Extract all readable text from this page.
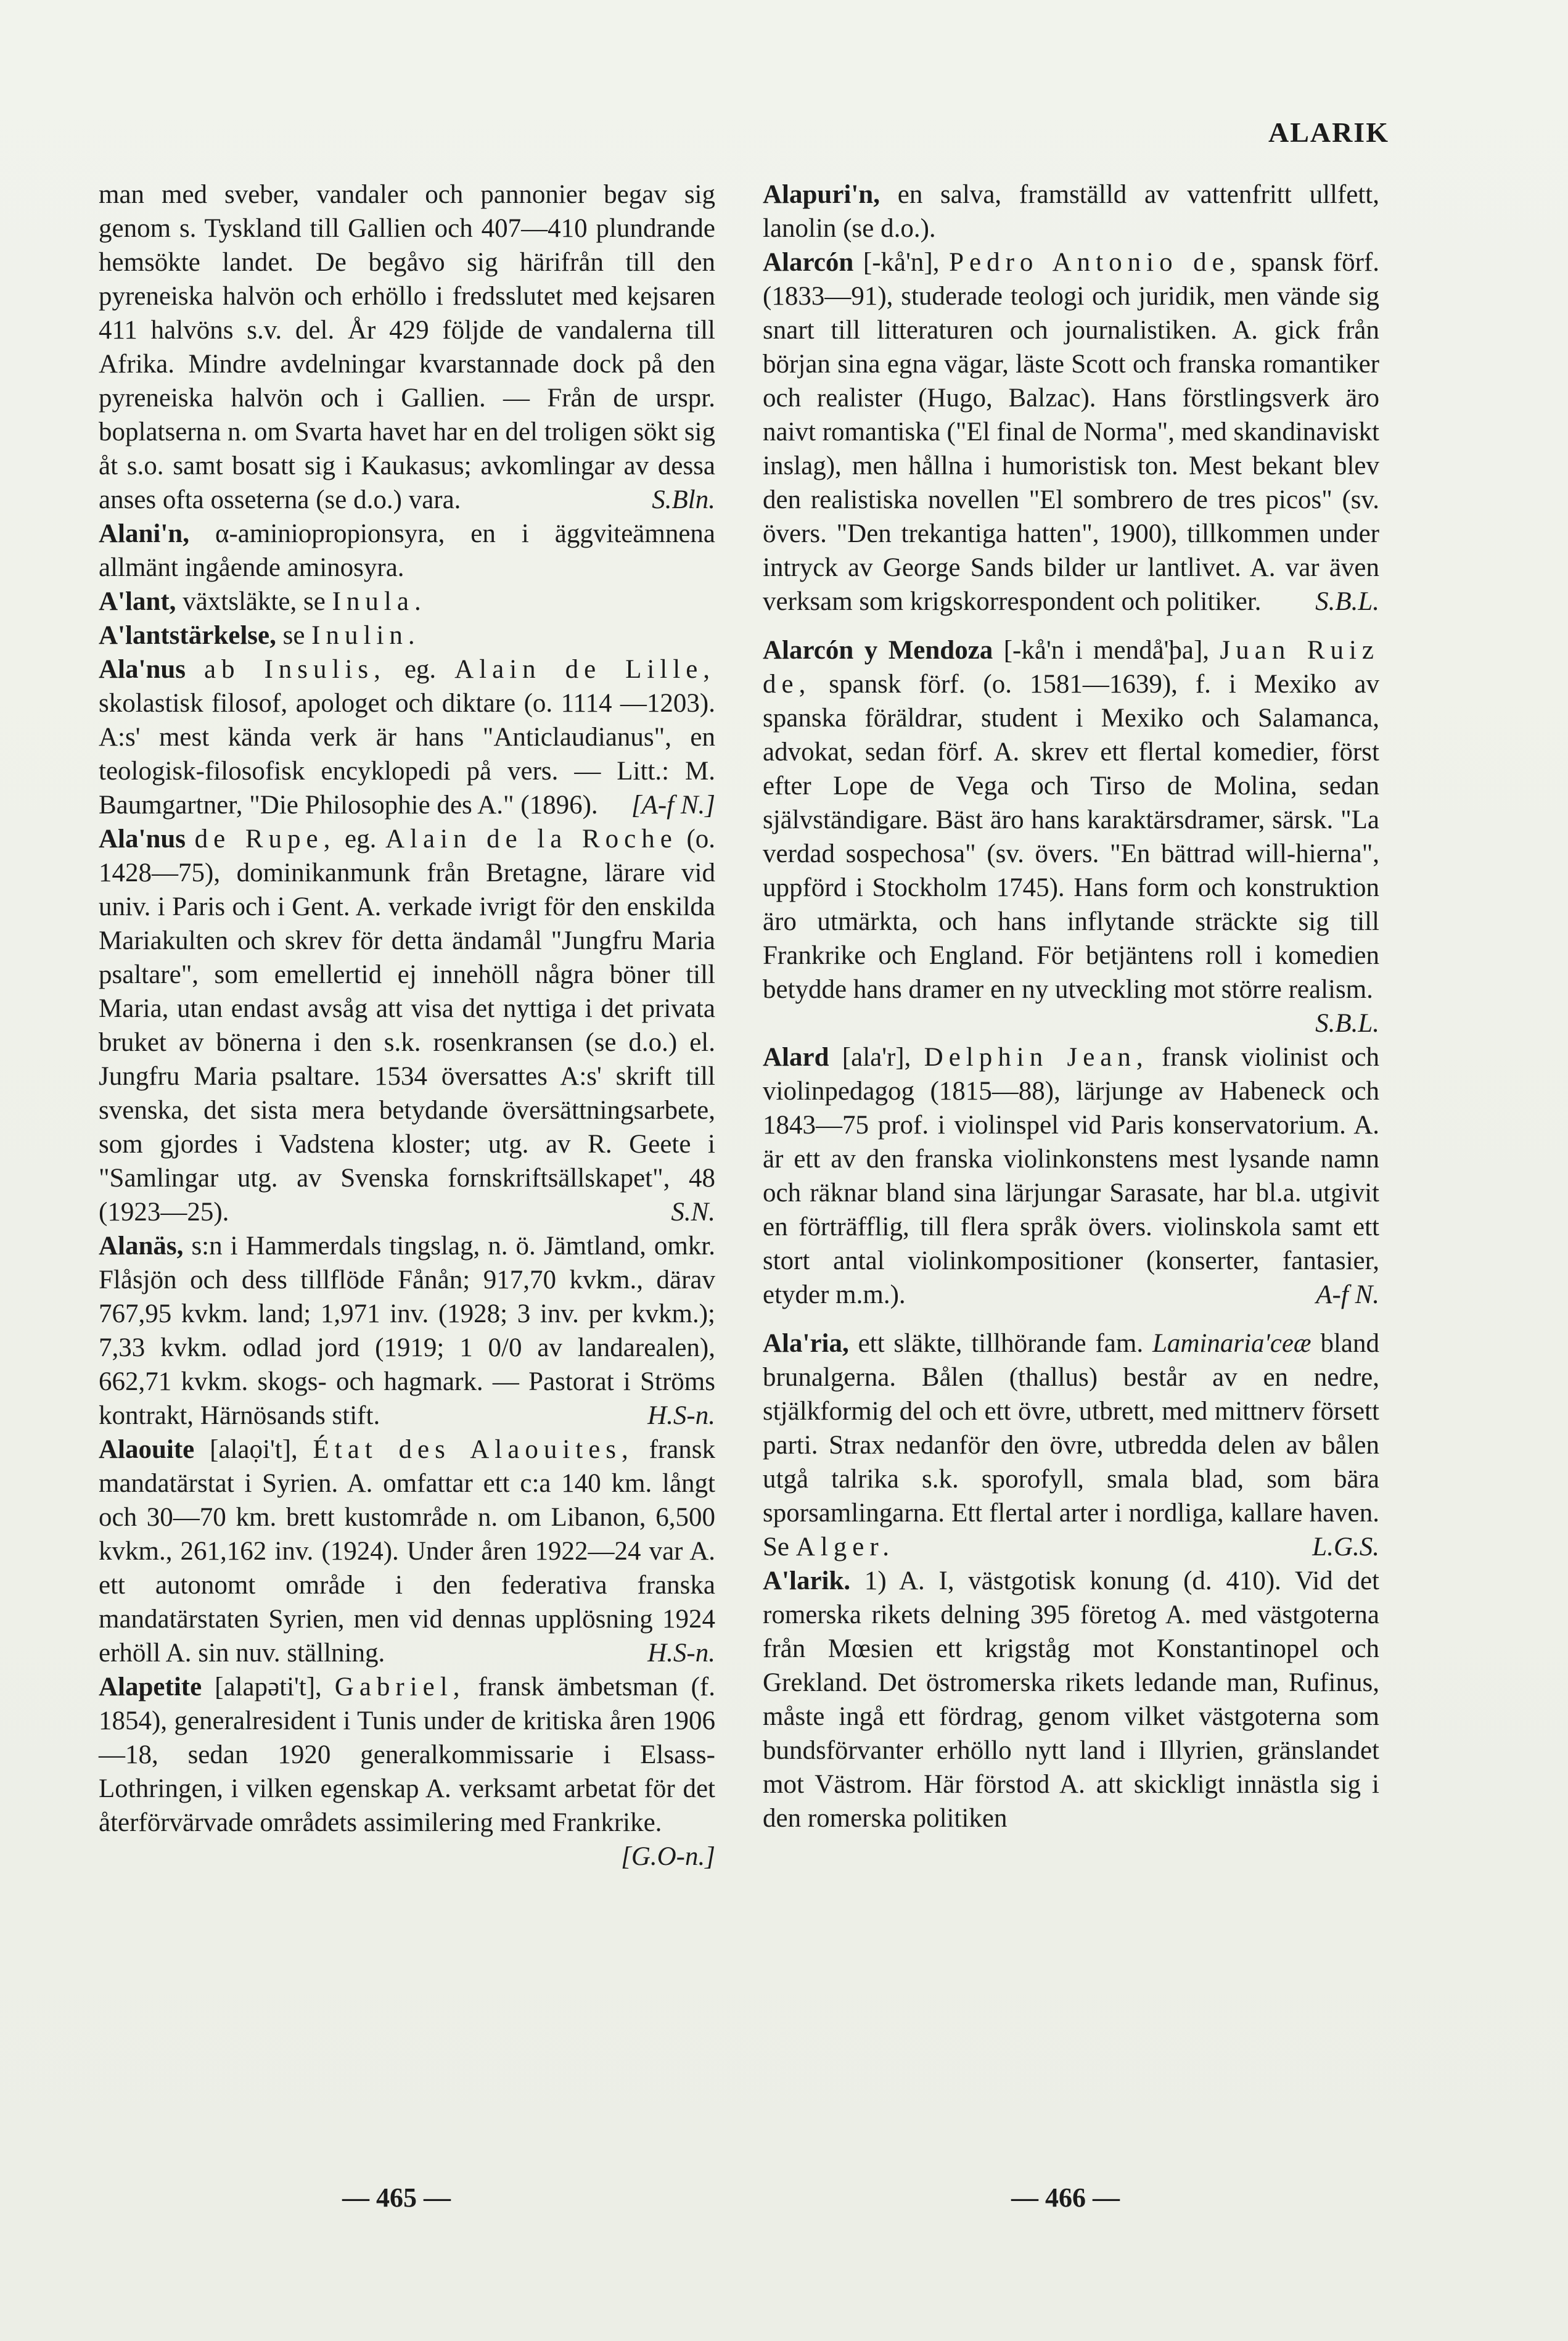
ALARIK

man med sveber, vandaler och pannonier begav sig genom s. Tyskland till Gallien och 407—410 plundrande hemsökte landet. De begåvo sig härifrån till den pyreneiska halvön och erhöllo i fredsslutet med kejsaren 411 halvöns s.v. del. År 429 följde de vandalerna till Afrika. Mindre avdelningar kvarstannade dock på den pyreneiska halvön och i Gallien. — Från de urspr. boplatserna n. om Svarta havet har en del troligen sökt sig åt s.o. samt bosatt sig i Kaukasus; avkomlingar av dessa anses ofta osseterna (se d.o.) vara.	S.Bln.

Alani'n, α-aminiopropionsyra, en i äggviteämnena allmänt ingående aminosyra.

A'lant, växtsläkte, se Inula.

A'lantstärkelse, se Inulin.

Ala'nus ab Insulis, eg. Alain de Lille, skolastisk filosof, apologet och diktare (o. 1114 —1203). A:s' mest kända verk är hans "Anticlaudianus", en teologisk-filosofisk encyklopedi på vers. — Litt.: M. Baumgartner, "Die Philosophie des A." (1896).	[A-f N.]

Ala'nus de Rupe, eg. Alain de la Roche (o. 1428—75), dominikanmunk från Bretagne, lärare vid univ. i Paris och i Gent. A. verkade ivrigt för den enskilda Mariakulten och skrev för detta ändamål "Jungfru Maria psaltare", som emellertid ej innehöll några böner till Maria, utan endast avsåg att visa det nyttiga i det privata bruket av bönerna i den s.k. rosenkransen (se d.o.) el. Jungfru Maria psaltare. 1534 översattes A:s' skrift till svenska, det sista mera betydande översättningsarbete, som gjordes i Vadstena kloster; utg. av R. Geete i "Samlingar utg. av Svenska fornskriftsällskapet", 48 (1923—25).	S.N.

Alanäs, s:n i Hammerdals tingslag, n. ö. Jämtland, omkr. Flåsjön och dess tillflöde Fånån; 917,70 kvkm., därav 767,95 kvkm. land; 1,971 inv. (1928; 3 inv. per kvkm.); 7,33 kvkm. odlad jord (1919; 1 0/0 av landarealen), 662,71 kvkm. skogs- och hagmark. — Pastorat i Ströms kontrakt, Härnösands stift.	H.S-n.

Alaouite [alaọi't], État des Alaouites, fransk mandatärstat i Syrien. A. omfattar ett c:a 140 km. långt och 30—70 km. brett kustområde n. om Libanon, 6,500 kvkm., 261,162 inv. (1924). Under åren 1922—24 var A. ett autonomt område i den federativa franska mandatärstaten Syrien, men vid dennas upplösning 1924 erhöll A. sin nuv. ställning.	H.S-n.

Alapetite [alapəti't], Gabriel, fransk ämbetsman (f. 1854), generalresident i Tunis under de kritiska åren 1906—18, sedan 1920 generalkommissarie i Elsass-Lothringen, i vilken egenskap A. verksamt arbetat för det återförvärvade områdets assimilering med Frankrike.
[G.O-n.]

Alapuri'n, en salva, framställd av vattenfritt ullfett, lanolin (se d.o.).

Alarcón [-kå'n], Pedro Antonio de, spansk förf. (1833—91), studerade teologi och juridik, men vände sig snart till litteraturen och journalistiken. A. gick från början sina egna vägar, läste Scott och franska romantiker och realister (Hugo, Balzac). Hans förstlingsverk äro naivt romantiska ("El final de Norma", med skandinaviskt inslag), men hållna i humoristisk ton. Mest bekant blev den realistiska novellen "El sombrero de tres picos" (sv. övers. "Den trekantiga hatten", 1900), tillkommen under intryck av George Sands bilder ur lantlivet. A. var även verksam som krigskorrespondent och politiker.	S.B.L.

Alarcón y Mendoza [-kå'n i mendå'þa], Juan Ruiz de, spansk förf. (o. 1581—1639), f. i Mexiko av spanska föräldrar, student i Mexiko och Salamanca, advokat, sedan förf. A. skrev ett flertal komedier, först efter Lope de Vega och Tirso de Molina, sedan självständigare. Bäst äro hans karaktärsdramer, särsk. "La verdad sospechosa" (sv. övers. "En bättrad will-hierna", uppförd i Stockholm 1745). Hans form och konstruktion äro utmärkta, och hans inflytande sträckte sig till Frankrike och England. För betjäntens roll i komedien betydde hans dramer en ny utveckling mot större realism.
S.B.L.

Alard [ala'r], Delphin Jean, fransk violinist och violinpedagog (1815—88), lärjunge av Habeneck och 1843—75 prof. i violinspel vid Paris konservatorium. A. är ett av den franska violinkonstens mest lysande namn och räknar bland sina lärjungar Sarasate, har bl.a. utgivit en förträfflig, till flera språk övers. violinskola samt ett stort antal violinkompositioner (konserter, fantasier, etyder m.m.).	A-f N.

Ala'ria, ett släkte, tillhörande fam. Laminaria'ceæ bland brunalgerna. Bålen (thallus) består av en nedre, stjälkformig del och ett övre, utbrett, med mittnerv försett parti. Strax nedanför den övre, utbredda delen av bålen utgå talrika s.k. sporofyll, smala blad, som bära sporsamlingarna. Ett flertal arter i nordliga, kallare haven. Se Alger.	L.G.S.

A'larik. 1) A. I, västgotisk konung (d. 410). Vid det romerska rikets delning 395 företog A. med västgoterna från Mœsien ett krigståg mot Konstantinopel och Grekland. Det östromerska rikets ledande man, Rufinus, måste ingå ett fördrag, genom vilket västgoterna som bundsförvanter erhöllo nytt land i Illyrien, gränslandet mot Västrom. Här förstod A. att skickligt innästla sig i den romerska politiken

— 465 —	— 466 —
